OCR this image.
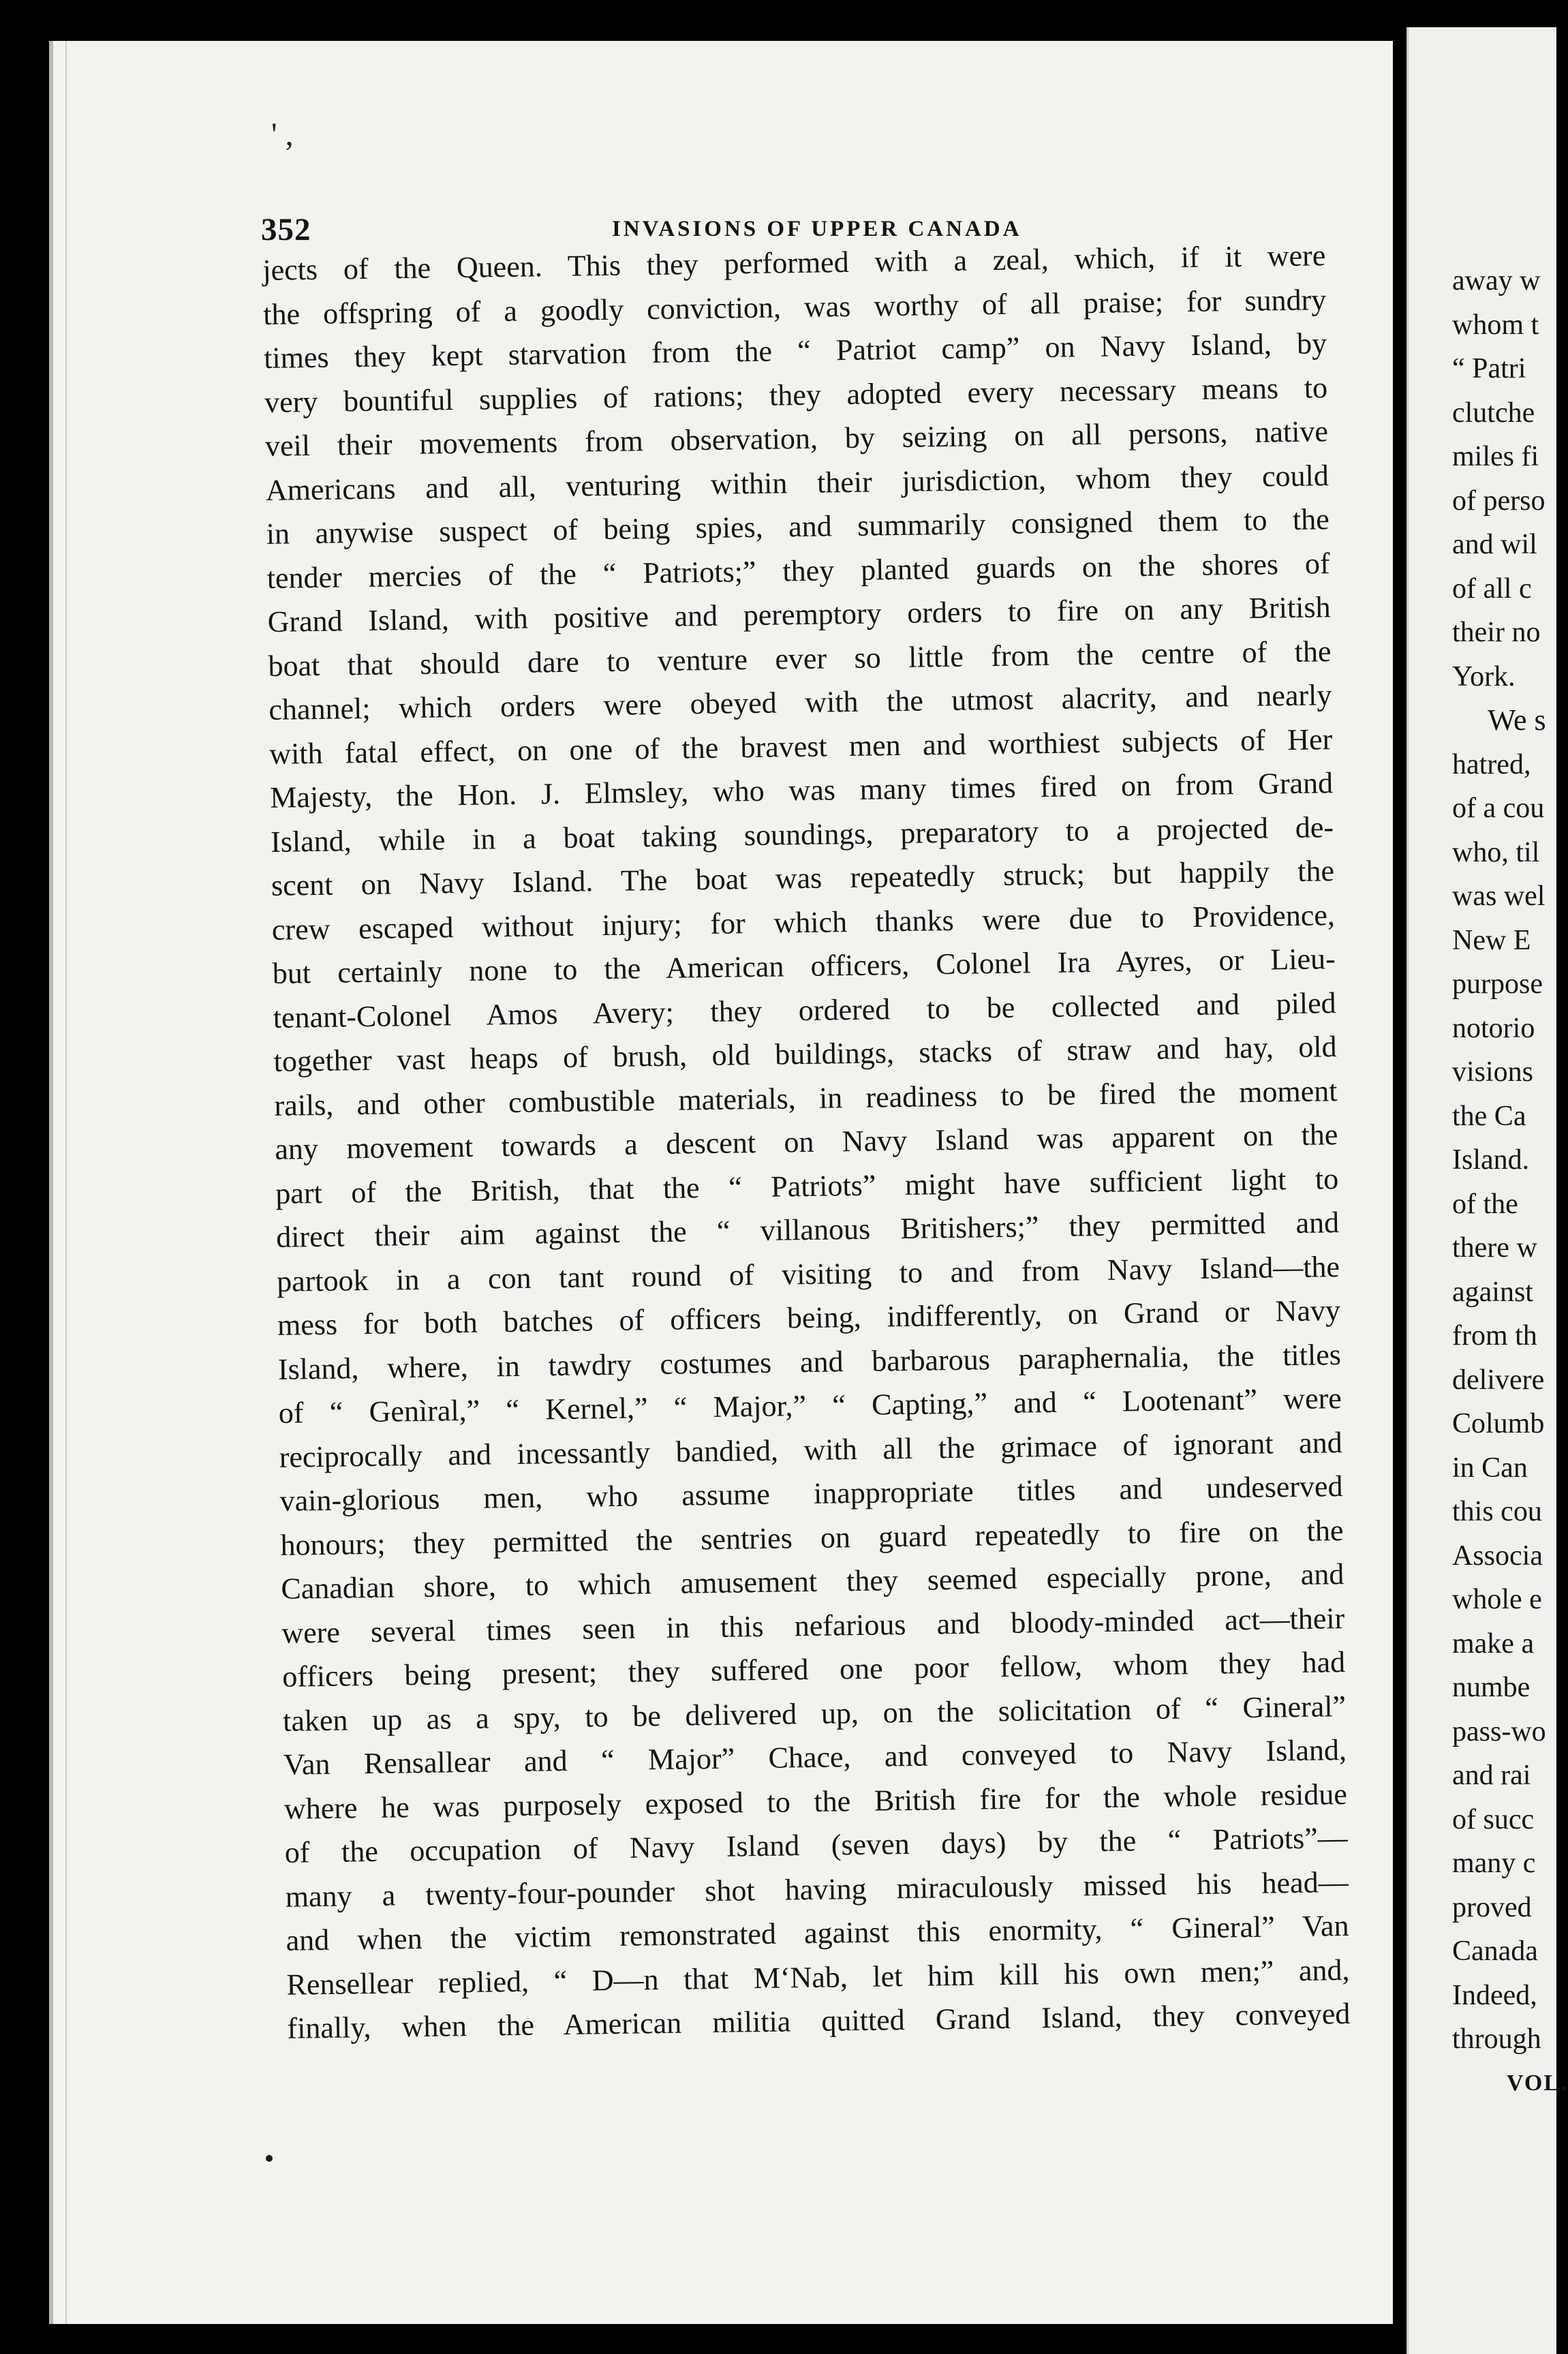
' ,
352	INVASIONS OF UPPER CANADA
jects of the Queen. This they performed with a zeal, which, if it were
the offspring of a goodly conviction, was worthy of all praise; for sundry
times they kept starvation from the “ Patriot camp” on Navy Island, by
very bountiful supplies of rations; they adopted every necessary means to
veil their movements from observation, by seizing on all persons, native
Americans and all, venturing within their jurisdiction, whom they could
in anywise suspect of being spies, and summarily consigned them to the
tender mercies of the “ Patriots;” they planted guards on the shores of
Grand Island, with positive and peremptory orders to fire on any British
boat that should dare to venture ever so little from the centre of the
channel; which orders were obeyed with the utmost alacrity, and nearly
with fatal effect, on one of the bravest men and worthiest subjects of Her
Majesty, the Hon. J. Elmsley, who was many times fired on from Grand
Island, while in a boat taking soundings, preparatory to a projected de-
scent on Navy Island. The boat was repeatedly struck; but happily the
crew escaped without injury; for which thanks were due to Providence,
but certainly none to the American officers, Colonel Ira Ayres, or Lieu-
tenant-Colonel Amos Avery; they ordered to be collected and piled
together vast heaps of brush, old buildings, stacks of straw and hay, old
rails, and other combustible materials, in readiness to be fired the moment
any movement towards a descent on Navy Island was apparent on the
part of the British, that the “ Patriots” might have sufficient light to
direct their aim against the “ villanous Britishers;” they permitted and
partook in a con tant round of visiting to and from Navy Island—the
mess for both batches of officers being, indifferently, on Grand or Navy
Island, where, in tawdry costumes and barbarous paraphernalia, the titles
of “ Genìral,” “ Kernel,” “ Major,” “ Capting,” and “ Lootenant” were
reciprocally and incessantly bandied, with all the grimace of ignorant and
vain-glorious men, who assume inappropriate titles and undeserved
honours; they permitted the sentries on guard repeatedly to fire on the
Canadian shore, to which amusement they seemed especially prone, and
were several times seen in this nefarious and bloody-minded act—their
officers being present; they suffered one poor fellow, whom they had
taken up as a spy, to be delivered up, on the solicitation of “ Gineral”
Van Rensallear and “ Major” Chace, and conveyed to Navy Island,
where he was purposely exposed to the British fire for the whole residue
of the occupation of Navy Island (seven days) by the “ Patriots”—
many a twenty-four-pounder shot having miraculously missed his head—
and when the victim remonstrated against this enormity, “ Gineral” Van
Rensellear replied, “ D—n that M‘Nab, let him kill his own men;” and,
finally, when the American militia quitted Grand Island, they conveyed
away w
whom t
“ Patri
clutche
miles fi
of perso
and wil
of all c
their no
York.
We s
hatred,
of a cou
who, til
was wel
New E
purpose
notorio
visions
the Ca
Island.
of the
there w
against
from th
delivere
Columb
in Can
this cou
Associa
whole e
make a
numbe
pass-wo
and rai
of succ
many c
proved
Canada
Indeed,
through
VOL.
